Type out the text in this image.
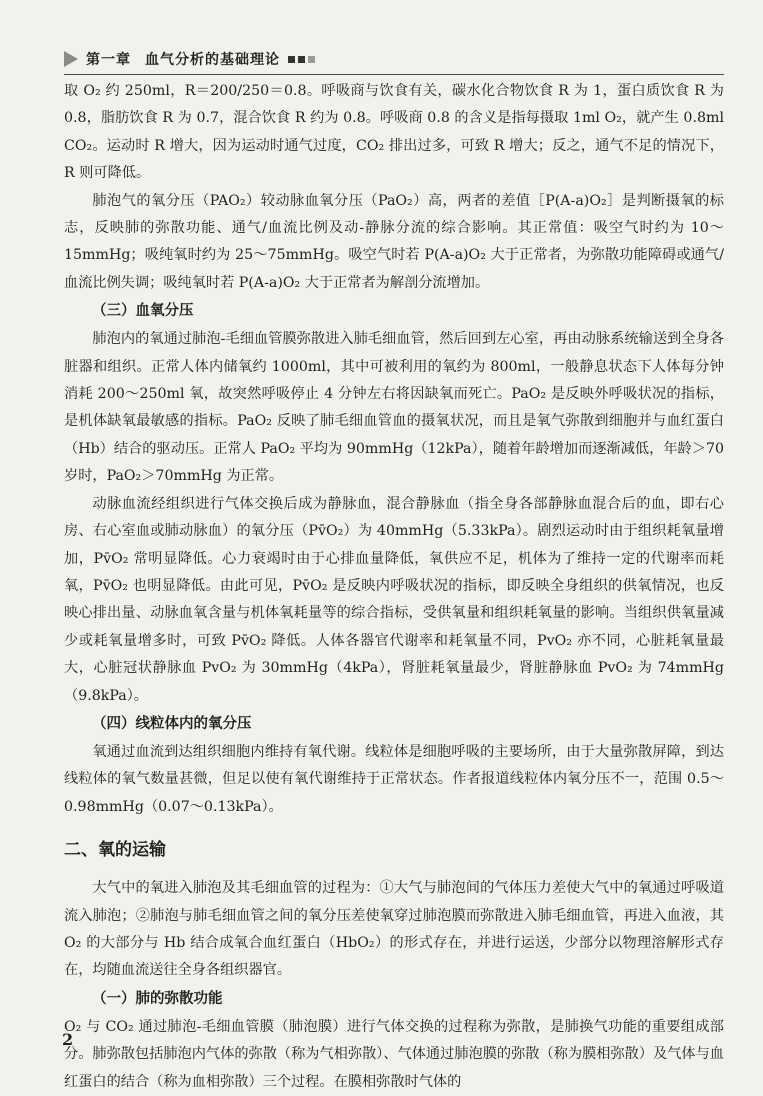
第一章 血气分析的基础理论

取 O₂ 约 250ml，R＝200/250＝0.8。呼吸商与饮食有关，碳水化合物饮食 R 为 1，蛋白质饮食 R 为 0.8，脂肪饮食 R 为 0.7，混合饮食 R 约为 0.8。呼吸商 0.8 的含义是指每摄取 1ml O₂，就产生 0.8ml CO₂。运动时 R 增大，因为运动时通气过度，CO₂ 排出过多，可致 R 增大；反之，通气不足的情况下，R 则可降低。

肺泡气的氧分压（PAO₂）较动脉血氧分压（PaO₂）高，两者的差值［P(A-a)O₂］是判断摄氧的标志，反映肺的弥散功能、通气/血流比例及动-静脉分流的综合影响。其正常值：吸空气时约为 10～15mmHg；吸纯氧时约为 25～75mmHg。吸空气时若 P(A-a)O₂ 大于正常者，为弥散功能障碍或通气/血流比例失调；吸纯氧时若 P(A-a)O₂ 大于正常者为解剖分流增加。

（三）血氧分压

肺泡内的氧通过肺泡-毛细血管膜弥散进入肺毛细血管，然后回到左心室，再由动脉系统输送到全身各脏器和组织。正常人体内储氧约 1000ml，其中可被利用的氧约为 800ml，一般静息状态下人体每分钟消耗 200～250ml 氧，故突然呼吸停止 4 分钟左右将因缺氧而死亡。PaO₂ 是反映外呼吸状况的指标，是机体缺氧最敏感的指标。PaO₂ 反映了肺毛细血管血的摄氧状况，而且是氧气弥散到细胞并与血红蛋白（Hb）结合的驱动压。正常人 PaO₂ 平均为 90mmHg（12kPa），随着年龄增加而逐渐减低，年龄＞70 岁时，PaO₂＞70mmHg 为正常。

动脉血流经组织进行气体交换后成为静脉血，混合静脉血（指全身各部静脉血混合后的血，即右心房、右心室血或肺动脉血）的氧分压（Pv̄O₂）为 40mmHg（5.33kPa）。剧烈运动时由于组织耗氧量增加，Pv̄O₂ 常明显降低。心力衰竭时由于心排血量降低，氧供应不足，机体为了维持一定的代谢率而耗氧，Pv̄O₂ 也明显降低。由此可见，Pv̄O₂ 是反映内呼吸状况的指标，即反映全身组织的供氧情况，也反映心排出量、动脉血氧含量与机体氧耗量等的综合指标，受供氧量和组织耗氧量的影响。当组织供氧量减少或耗氧量增多时，可致 Pv̄O₂ 降低。人体各器官代谢率和耗氧量不同，PvO₂ 亦不同，心脏耗氧量最大，心脏冠状静脉血 PvO₂ 为 30mmHg（4kPa），肾脏耗氧量最少，肾脏静脉血 PvO₂ 为 74mmHg（9.8kPa）。

（四）线粒体内的氧分压

氧通过血流到达组织细胞内维持有氧代谢。线粒体是细胞呼吸的主要场所，由于大量弥散屏障，到达线粒体的氧气数量甚微，但足以使有氧代谢维持于正常状态。作者报道线粒体内氧分压不一，范围 0.5～ 0.98mmHg（0.07～0.13kPa）。

二、氧的运输

大气中的氧进入肺泡及其毛细血管的过程为：①大气与肺泡间的气体压力差使大气中的氧通过呼吸道流入肺泡；②肺泡与肺毛细血管之间的氧分压差使氧穿过肺泡膜而弥散进入肺毛细血管，再进入血液，其 O₂ 的大部分与 Hb 结合成氧合血红蛋白（HbO₂）的形式存在，并进行运送，少部分以物理溶解形式存在，均随血流送往全身各组织器官。

（一）肺的弥散功能

O₂ 与 CO₂ 通过肺泡-毛细血管膜（肺泡膜）进行气体交换的过程称为弥散，是肺换气功能的重要组成部分。肺弥散包括肺泡内气体的弥散（称为气相弥散）、气体通过肺泡膜的弥散（称为膜相弥散）及气体与血红蛋白的结合（称为血相弥散）三个过程。在膜相弥散时气体的

2
